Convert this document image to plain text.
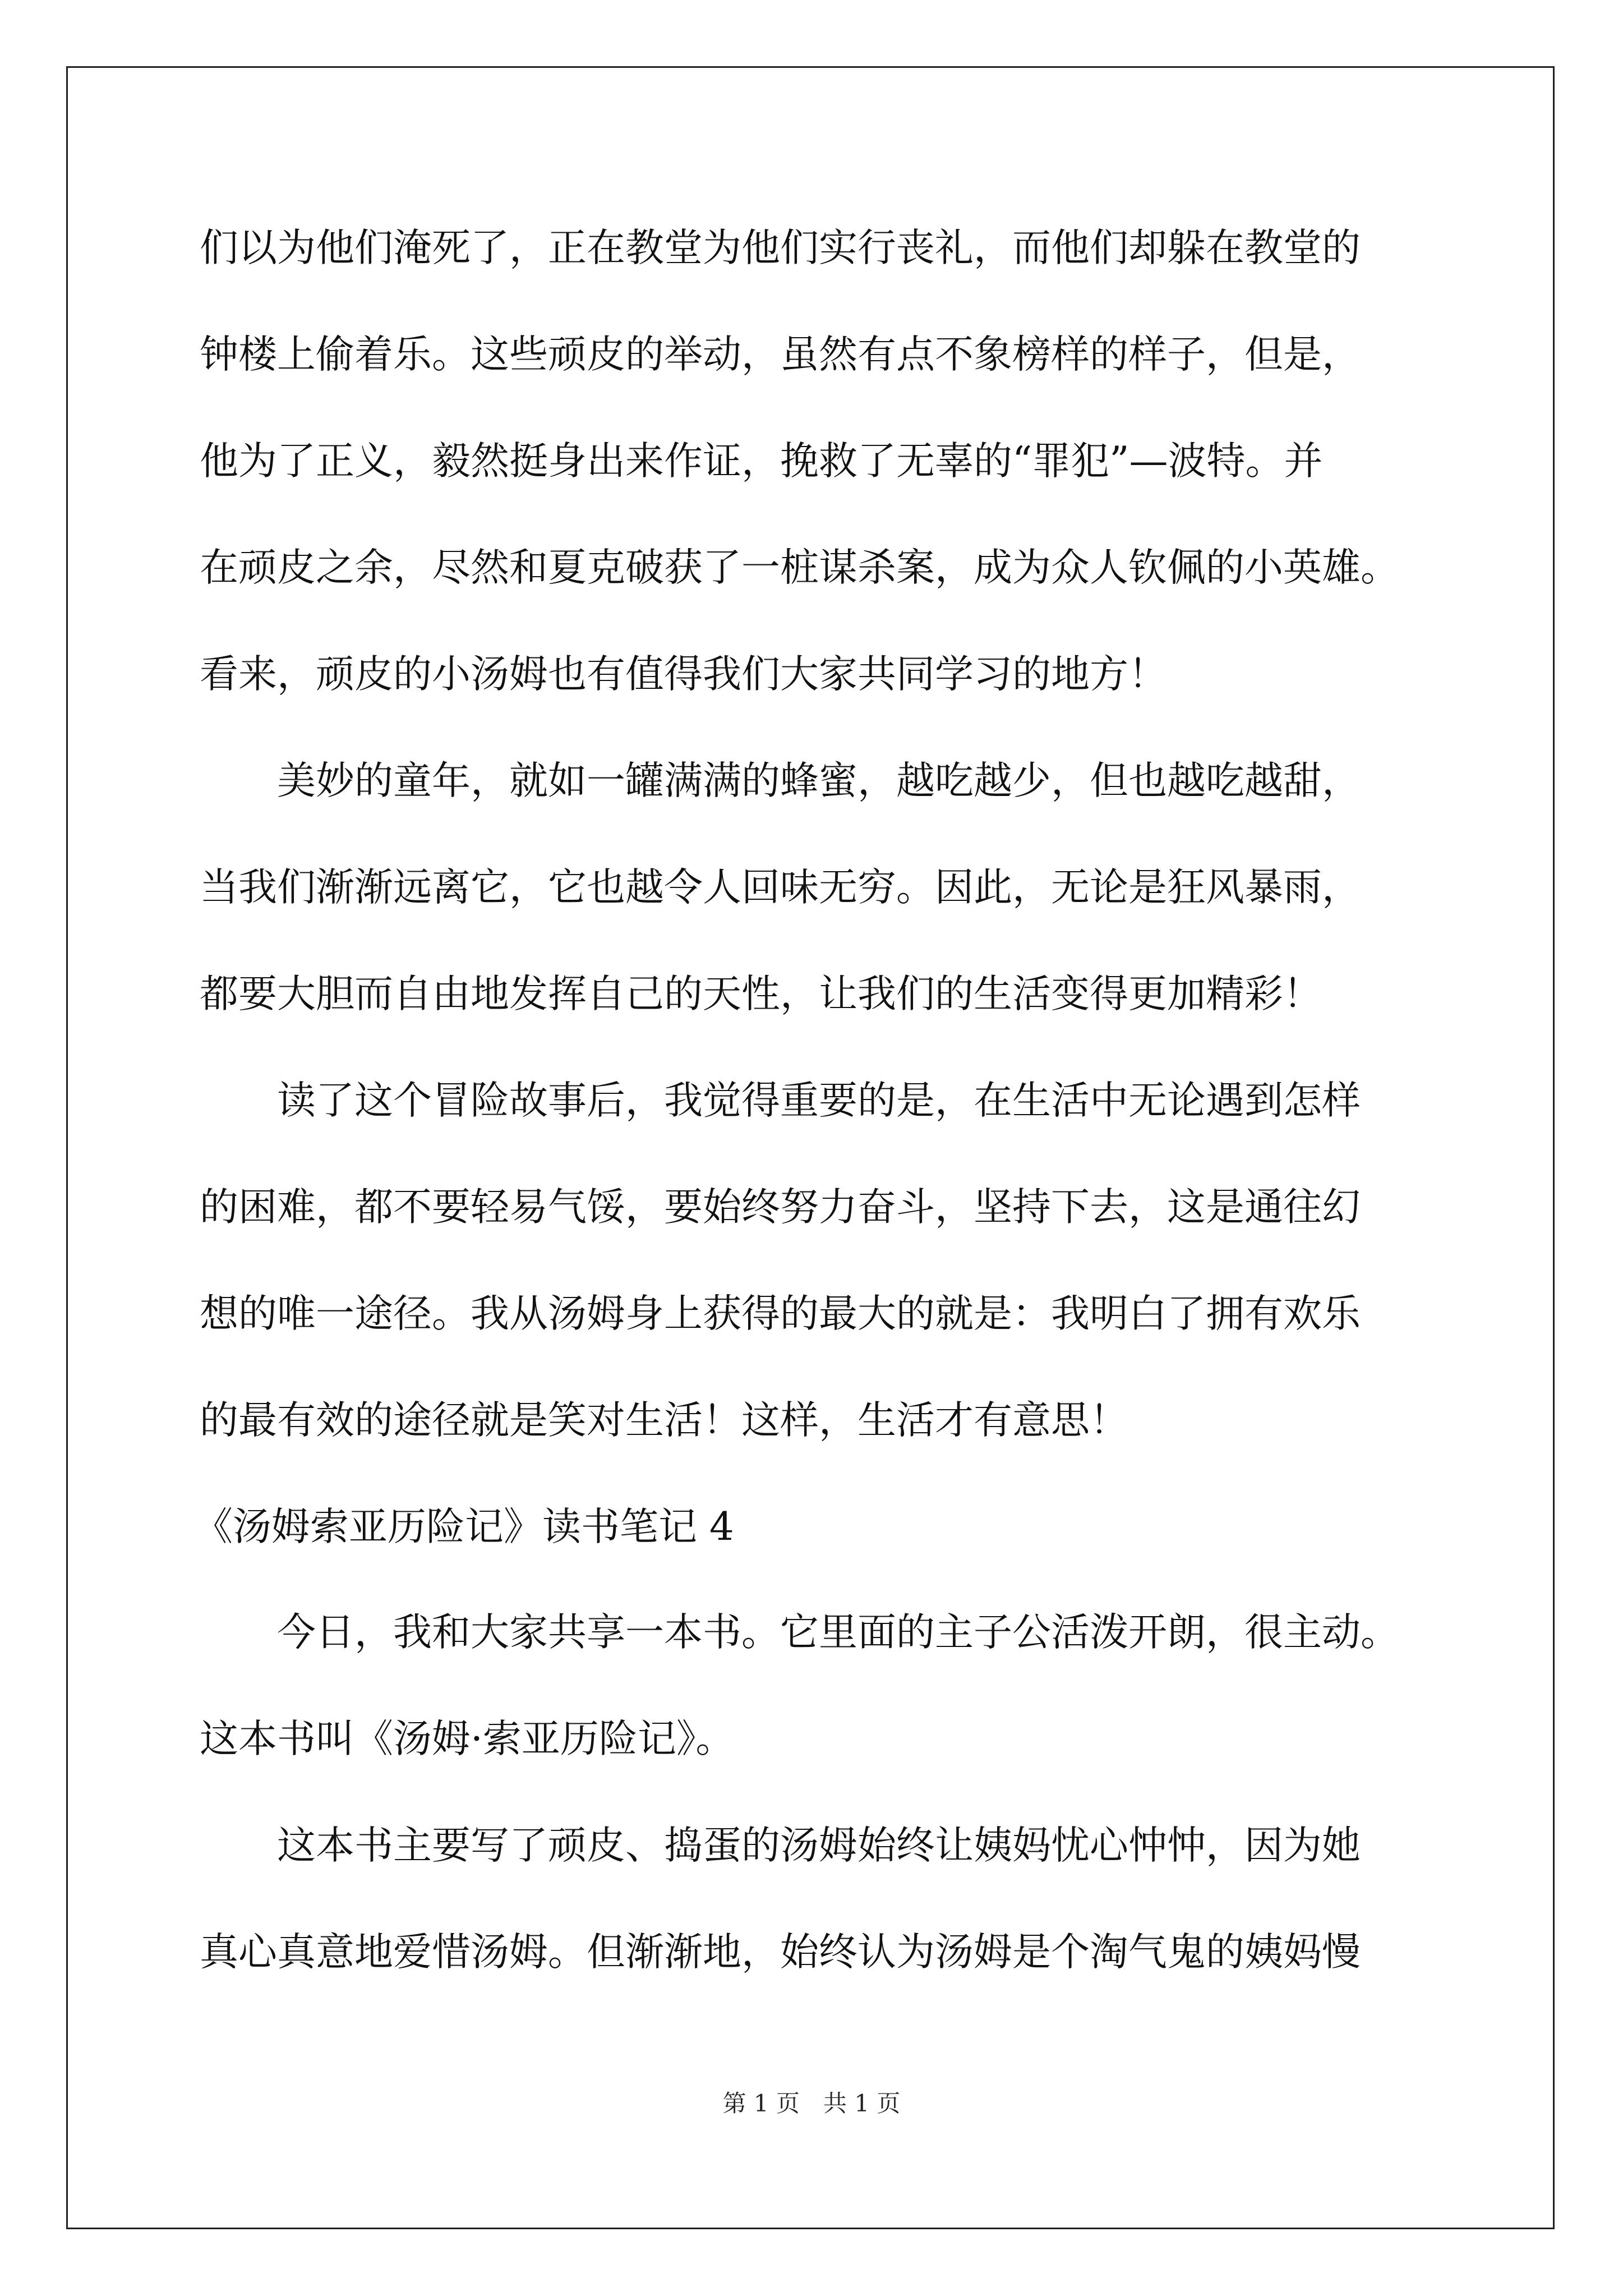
们以为他们淹死了，正在教堂为他们实行丧礼，而他们却躲在教堂的
钟楼上偷着乐。这些顽皮的举动，虽然有点不象榜样的样子，但是，
他为了正义，毅然挺身出来作证，挽救了无辜的“罪犯”—波特。并
在顽皮之余，尽然和夏克破获了一桩谋杀案，成为众人钦佩的小英雄。
看来，顽皮的小汤姆也有值得我们大家共同学习的地方！
美妙的童年，就如一罐满满的蜂蜜，越吃越少，但也越吃越甜，
当我们渐渐远离它，它也越令人回味无穷。因此，无论是狂风暴雨，
都要大胆而自由地发挥自己的天性，让我们的生活变得更加精彩！
读了这个冒险故事后，我觉得重要的是，在生活中无论遇到怎样
的困难，都不要轻易气馁，要始终努力奋斗，坚持下去，这是通往幻
想的唯一途径。我从汤姆身上获得的最大的就是：我明白了拥有欢乐
的最有效的途径就是笑对生活！这样，生活才有意思！
《汤姆索亚历险记》读书笔记 4
今日，我和大家共享一本书。它里面的主子公活泼开朗，很主动。
这本书叫《汤姆·索亚历险记》。
这本书主要写了顽皮、捣蛋的汤姆始终让姨妈忧心忡忡，因为她
真心真意地爱惜汤姆。但渐渐地，始终认为汤姆是个淘气鬼的姨妈慢
第 1 页　共 1 页
